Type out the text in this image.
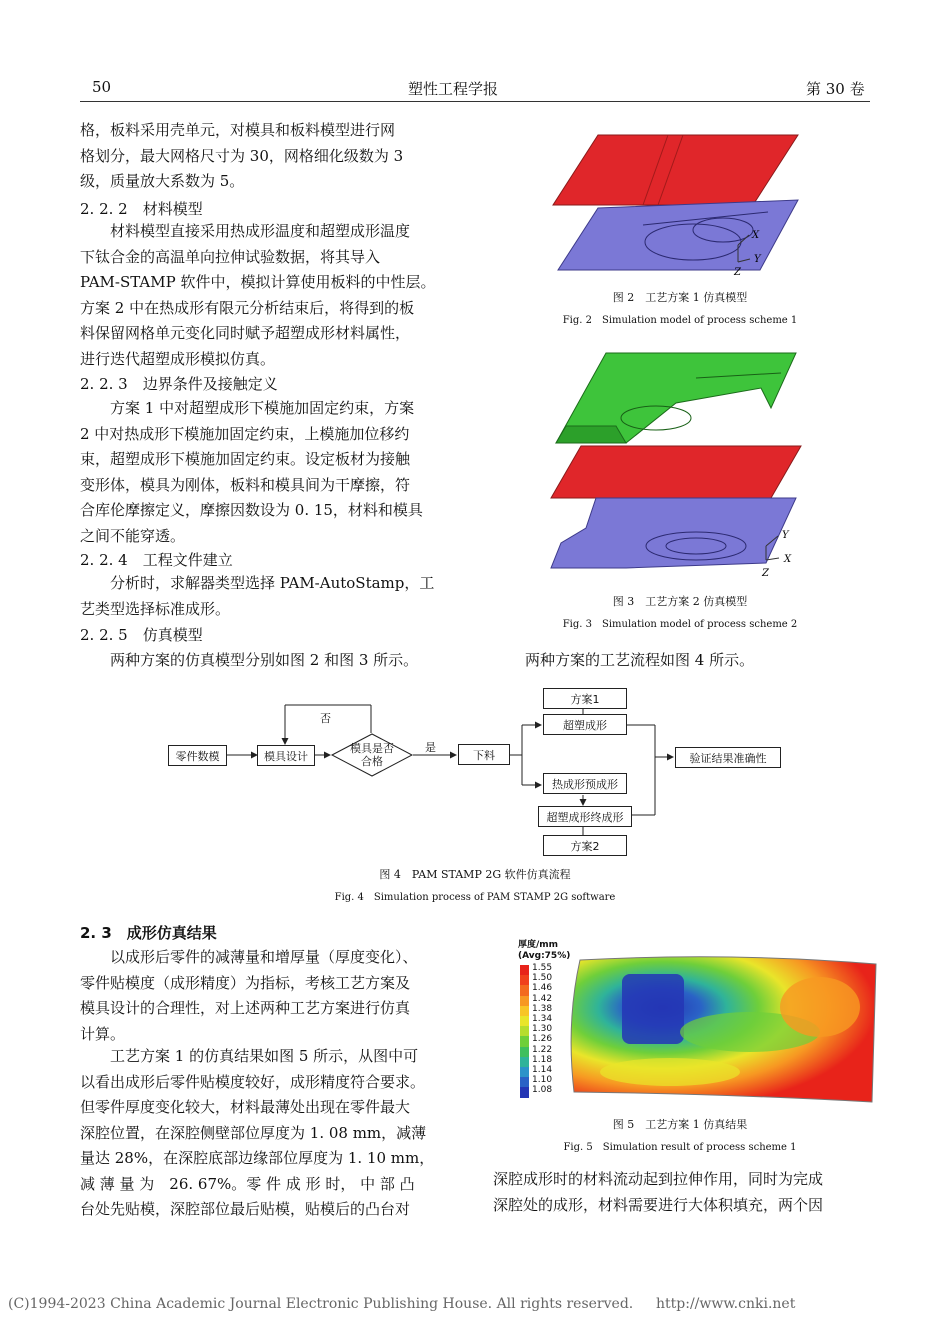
50	塑性工程学报	第 30 卷
格，板料采用壳单元，对模具和板料模型进行网
格划分，最大网格尺寸为 30，网格细化级数为 3
级，质量放大系数为 5。
2. 2. 2　材料模型
　　材料模型直接采用热成形温度和超塑成形温度
下钛合金的高温单向拉伸试验数据，将其导入
PAM-STAMP 软件中，模拟计算使用板料的中性层。
方案 2 中在热成形有限元分析结束后，将得到的板
料保留网格单元变化同时赋予超塑成形材料属性，
进行迭代超塑成形模拟仿真。
2. 2. 3　边界条件及接触定义
　　方案 1 中对超塑成形下模施加固定约束，方案
2 中对热成形下模施加固定约束，上模施加位移约
束，超塑成形下模施加固定约束。设定板材为接触
变形体，模具为刚体，板料和模具间为干摩擦，符
合库伦摩擦定义，摩擦因数设为 0. 15，材料和模具
之间不能穿透。
2. 2. 4　工程文件建立
　　分析时，求解器类型选择 PAM-AutoStamp，工
艺类型选择标准成形。
2. 2. 5　仿真模型
　　两种方案的仿真模型分别如图 2 和图 3 所示。
X
Y
Z
图 2　工艺方案 1 仿真模型
Fig. 2　Simulation model of process scheme 1
Y
X
Z
图 3　工艺方案 2 仿真模型
Fig. 3　Simulation model of process scheme 2
两种方案的工艺流程如图 4 所示。
零件数模	模具设计
模具是否
合格
否
是
下料
方案1
超塑成形
验证结果准确性
热成形预成形
超塑成形终成形
方案2
图 4　PAM STAMP 2G 软件仿真流程
Fig. 4　Simulation process of PAM STAMP 2G software
2. 3　成形仿真结果
　　以成形后零件的减薄量和增厚量（厚度变化）、
零件贴模度（成形精度）为指标，考核工艺方案及
模具设计的合理性，对上述两种工艺方案进行仿真
计算。
　　工艺方案 1 的仿真结果如图 5 所示，从图中可
以看出成形后零件贴模度较好，成形精度符合要求。
但零件厚度变化较大，材料最薄处出现在零件最大
深腔位置，在深腔侧壁部位厚度为 1. 08 mm，减薄
量达 28%，在深腔底部边缘部位厚度为 1. 10 mm，
减 薄 量 为　26. 67%。零 件 成 形 时， 中 部 凸
台处先贴模，深腔部位最后贴模，贴模后的凸台对
厚度/mm
(Avg:75%)
1.55
1.50
1.46
1.42
1.38
1.34
1.30
1.26
1.22
1.18
1.14
1.10
1.08
图 5　工艺方案 1 仿真结果
Fig. 5　Simulation result of process scheme 1
深腔成形时的材料流动起到拉伸作用，同时为完成
深腔处的成形，材料需要进行大体积填充，两个因
(C)1994-2023 China Academic Journal Electronic Publishing House. All rights reserved. http://www.cnki.net
